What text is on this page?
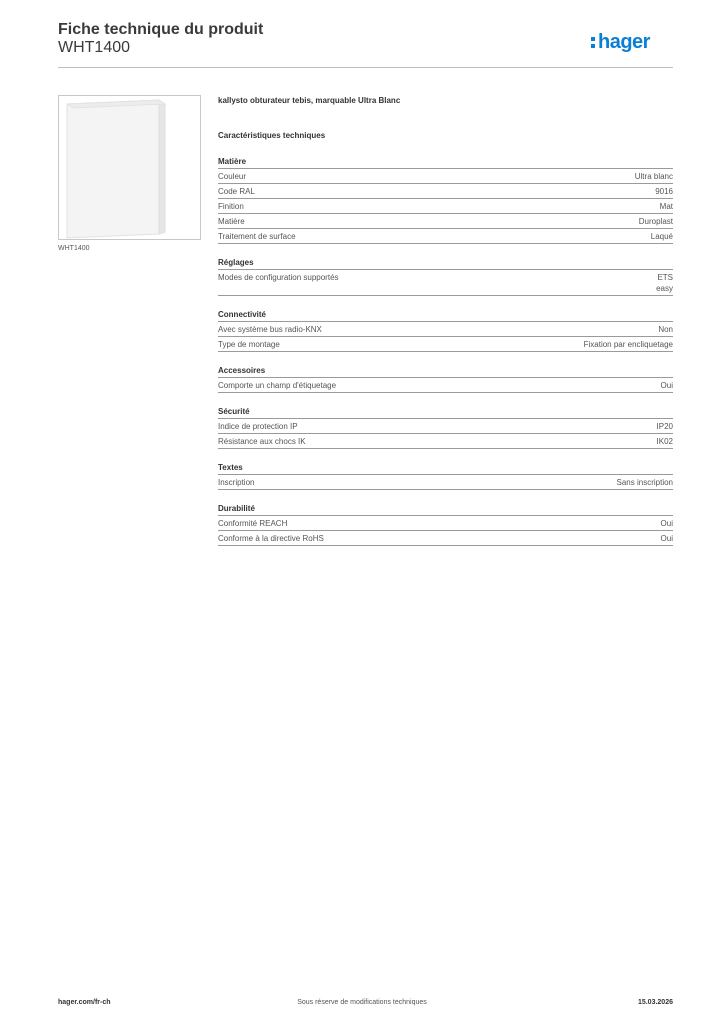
Fiche technique du produit
WHT1400	hager
WHT1400
kallysto obturateur tebis, marquable Ultra Blanc
Caractéristiques techniques
Matière
Couleur	Ultra blanc
Code RAL	9016
Finition	Mat
Matière	Duroplast
Traitement de surface	Laqué
Réglages
Modes de configuration supportés	ETS
easy
Connectivité
Avec système bus radio-KNX	Non
Type de montage	Fixation par encliquetage
Accessoires
Comporte un champ d'étiquetage	Oui
Sécurité
Indice de protection IP	IP20
Résistance aux chocs IK	IK02
Textes
Inscription	Sans inscription
Durabilité
Conformité REACH	Oui
Conforme à la directive RoHS	Oui
hager.com/fr-ch	Sous réserve de modifications techniques	15.03.2026
